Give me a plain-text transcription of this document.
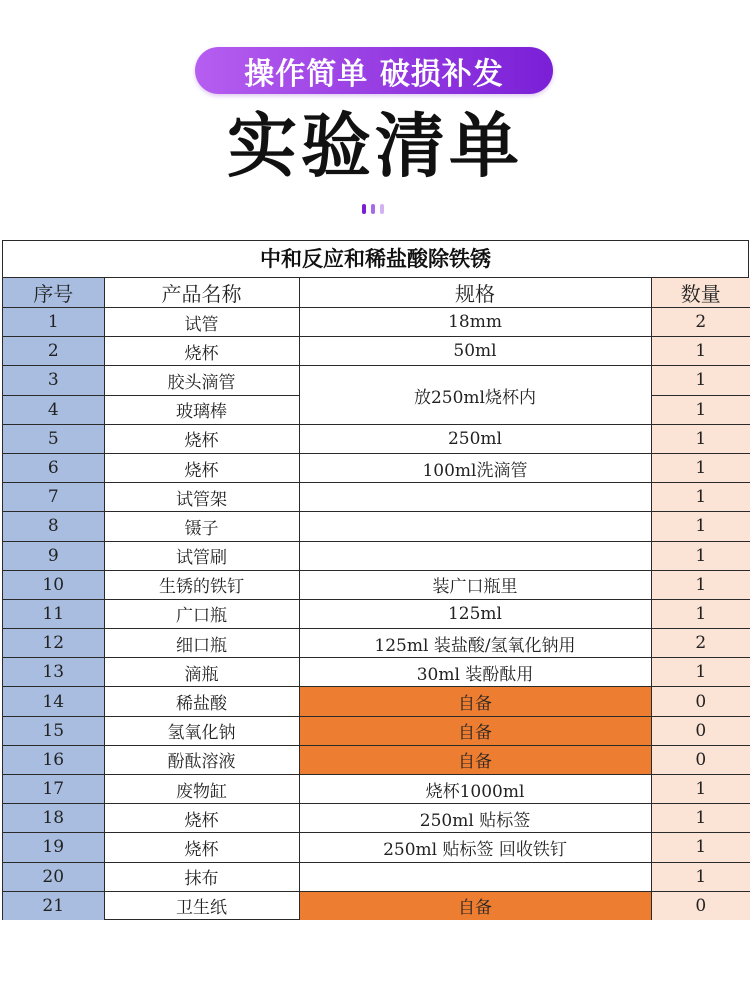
操作简单 破损补发
实验清单
中和反应和稀盐酸除铁锈
序号	产品名称	规格	数量
1	试管	18mm	2
2	烧杯	50ml	1
3	胶头滴管	放250ml烧杯内	1
4	玻璃棒		1
5	烧杯	250ml	1
6	烧杯	100ml洗滴管	1
7	试管架		1
8	镊子		1
9	试管刷		1
10	生锈的铁钉	装广口瓶里	1
11	广口瓶	125ml	1
12	细口瓶	125ml 装盐酸/氢氧化钠用	2
13	滴瓶	30ml 装酚酞用	1
14	稀盐酸	自备	0
15	氢氧化钠	自备	0
16	酚酞溶液	自备	0
17	废物缸	烧杯1000ml	1
18	烧杯	250ml 贴标签	1
19	烧杯	250ml 贴标签 回收铁钉	1
20	抹布		1
21	卫生纸	自备	0
